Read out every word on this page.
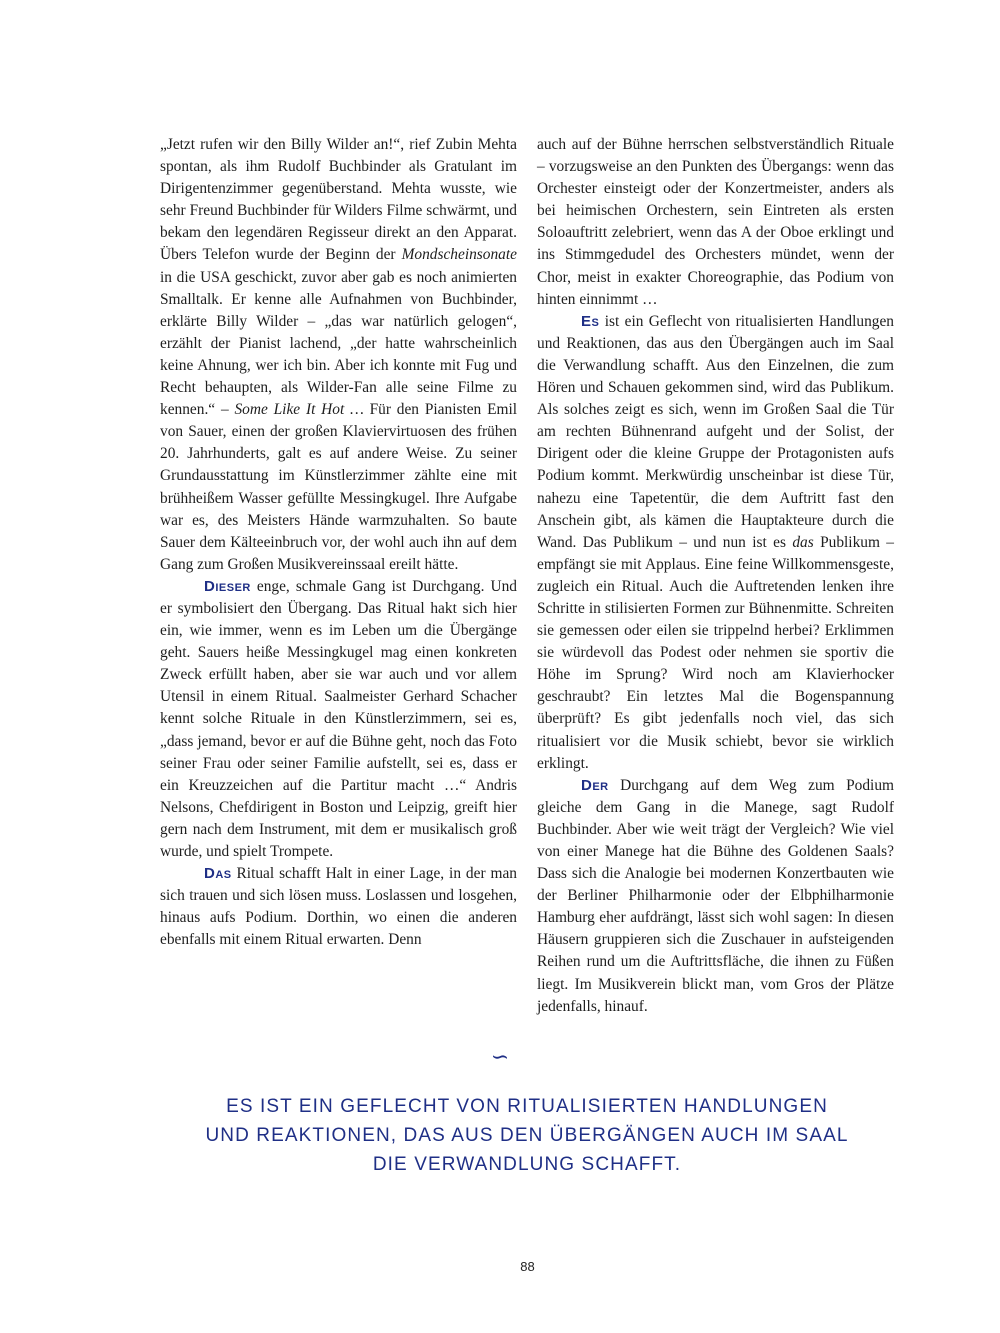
„Jetzt rufen wir den Billy Wilder an!“, rief Zubin Mehta spontan, als ihm Rudolf Buchbinder als Gratulant im Dirigentenzimmer gegenüberstand. Mehta wusste, wie sehr Freund Buchbinder für Wilders Filme schwärmt, und bekam den legendären Regisseur direkt an den Apparat. Übers Telefon wurde der Beginn der Mondscheinsonate in die USA geschickt, zuvor aber gab es noch animierten Smalltalk. Er kenne alle Aufnahmen von Buchbinder, erklärte Billy Wilder – „das war natürlich gelogen“, erzählt der Pianist lachend, „der hatte wahrscheinlich keine Ahnung, wer ich bin. Aber ich konnte mit Fug und Recht behaupten, als Wilder-Fan alle seine Filme zu kennen.“ – Some Like It Hot … Für den Pianisten Emil von Sauer, einen der großen Klaviervirtuosen des frühen 20. Jahrhunderts, galt es auf andere Weise. Zu seiner Grundausstattung im Künstlerzimmer zählte eine mit brühheißem Wasser gefüllte Messingkugel. Ihre Aufgabe war es, des Meisters Hände warmzuhalten. So baute Sauer dem Kälteeinbruch vor, der wohl auch ihn auf dem Gang zum Großen Musikvereinssaal ereilt hätte.

Dieser enge, schmale Gang ist Durchgang. Und er symbolisiert den Übergang. Das Ritual hakt sich hier ein, wie immer, wenn es im Leben um die Übergänge geht. Sauers heiße Messingkugel mag einen konkreten Zweck erfüllt haben, aber sie war auch und vor allem Utensil in einem Ritual. Saalmeister Gerhard Schacher kennt solche Rituale in den Künstlerzimmern, sei es, „dass jemand, bevor er auf die Bühne geht, noch das Foto seiner Frau oder seiner Familie aufstellt, sei es, dass er ein Kreuzzeichen auf die Partitur macht …“ Andris Nelsons, Chefdirigent in Boston und Leipzig, greift hier gern nach dem Instrument, mit dem er musikalisch groß wurde, und spielt Trompete.

Das Ritual schafft Halt in einer Lage, in der man sich trauen und sich lösen muss. Loslassen und losgehen, hinaus aufs Podium. Dorthin, wo einen die anderen ebenfalls mit einem Ritual erwarten. Denn

auch auf der Bühne herrschen selbstverständlich Rituale – vorzugsweise an den Punkten des Übergangs: wenn das Orchester einsteigt oder der Konzertmeister, anders als bei heimischen Orchestern, sein Eintreten als ersten Soloauftritt zelebriert, wenn das A der Oboe erklingt und ins Stimmgedudel des Orchesters mündet, wenn der Chor, meist in exakter Choreographie, das Podium von hinten einnimmt …

Es ist ein Geflecht von ritualisierten Handlungen und Reaktionen, das aus den Übergängen auch im Saal die Verwandlung schafft. Aus den Einzelnen, die zum Hören und Schauen gekommen sind, wird das Publikum. Als solches zeigt es sich, wenn im Großen Saal die Tür am rechten Bühnenrand aufgeht und der Solist, der Dirigent oder die kleine Gruppe der Protagonisten aufs Podium kommt. Merkwürdig unscheinbar ist diese Tür, nahezu eine Tapetentür, die dem Auftritt fast den Anschein gibt, als kämen die Hauptakteure durch die Wand. Das Publikum – und nun ist es das Publikum – empfängt sie mit Applaus. Eine feine Willkommensgeste, zugleich ein Ritual. Auch die Auftretenden lenken ihre Schritte in stilisierten Formen zur Bühnenmitte. Schreiten sie gemessen oder eilen sie trippelnd herbei? Erklimmen sie würdevoll das Podest oder nehmen sie sportiv die Höhe im Sprung? Wird noch am Klavierhocker geschraubt? Ein letztes Mal die Bogenspannung überprüft? Es gibt jedenfalls noch viel, das sich ritualisiert vor die Musik schiebt, bevor sie wirklich erklingt.

Der Durchgang auf dem Weg zum Podium gleiche dem Gang in die Manege, sagt Rudolf Buchbinder. Aber wie weit trägt der Vergleich? Wie viel von einer Manege hat die Bühne des Goldenen Saals? Dass sich die Analogie bei modernen Konzertbauten wie der Berliner Philharmonie oder der Elbphilharmonie Hamburg eher aufdrängt, lässt sich wohl sagen: In diesen Häusern gruppieren sich die Zuschauer in aufsteigenden Reihen rund um die Auftrittsfläche, die ihnen zu Füßen liegt. Im Musikverein blickt man, vom Gros der Plätze jedenfalls, hinauf.

∽
ES IST EIN GEFLECHT VON RITUALISIERTEN HANDLUNGEN
UND REAKTIONEN, DAS AUS DEN ÜBERGÄNGEN AUCH IM SAAL
DIE VERWANDLUNG SCHAFFT.
88
